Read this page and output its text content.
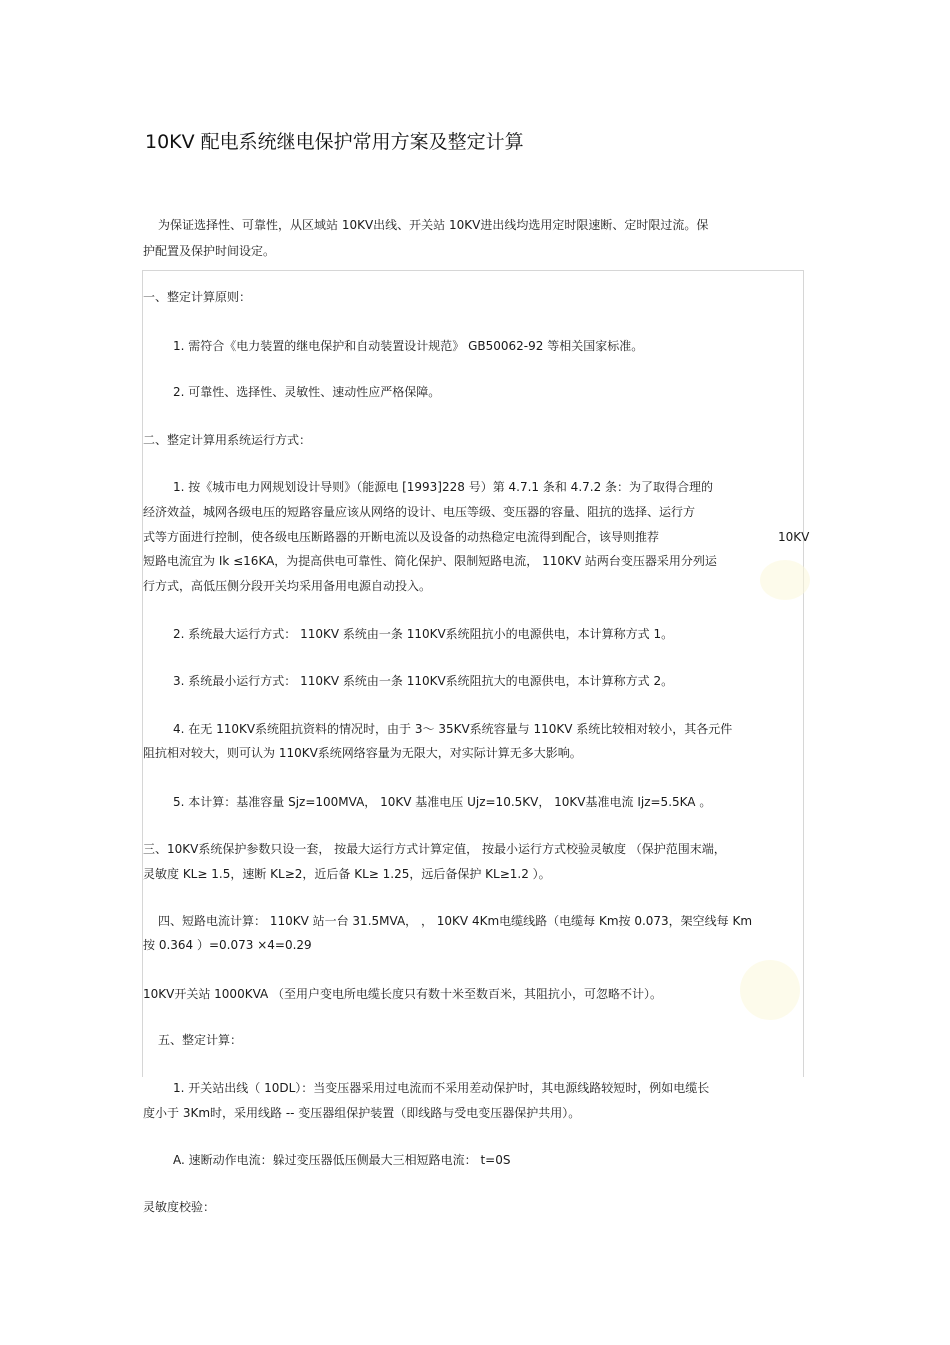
10KV 配电系统继电保护常用方案及整定计算
为保证选择性、可靠性，从区域站 10KV出线、开关站 10KV进出线均选用定时限速断、定时限过流。保
护配置及保护时间设定。
一、整定计算原则：
1. 需符合《电力装置的继电保护和自动装置设计规范》 GB50062-92 等相关国家标准。
2. 可靠性、选择性、灵敏性、速动性应严格保障。
二、整定计算用系统运行方式：
1. 按《城市电力网规划设计导则》（能源电 [1993]228 号）第 4.7.1 条和 4.7.2 条：为了取得合理的
经济效益，城网各级电压的短路容量应该从网络的设计、电压等级、变压器的容量、阻抗的选择、运行方
式等方面进行控制，使各级电压断路器的开断电流以及设备的动热稳定电流得到配合，该导则推荐	10KV
短路电流宜为 Ik ≤16KA，为提高供电可靠性、简化保护、限制短路电流， 110KV 站两台变压器采用分列运
行方式，高低压侧分段开关均采用备用电源自动投入。
2. 系统最大运行方式： 110KV 系统由一条 110KV系统阻抗小的电源供电，本计算称方式 1。
3. 系统最小运行方式： 110KV 系统由一条 110KV系统阻抗大的电源供电，本计算称方式 2。
4. 在无 110KV系统阻抗资料的情况时，由于 3～ 35KV系统容量与 110KV 系统比较相对较小，其各元件
阻抗相对较大，则可认为 110KV系统网络容量为无限大，对实际计算无多大影响。
5. 本计算：基准容量 Sjz=100MVA， 10KV 基准电压 Ujz=10.5KV， 10KV基准电流 Ijz=5.5KA 。
三、10KV系统保护参数只设一套， 按最大运行方式计算定值， 按最小运行方式校验灵敏度 （保护范围末端，
灵敏度 KL≥ 1.5，速断 KL≥2，近后备 KL≥ 1.25，远后备保护 KL≥1.2 ）。
四、短路电流计算： 110KV 站一台 31.5MVA， ， 10KV 4Km电缆线路（电缆每 Km按 0.073，架空线每 Km
按 0.364 ）=0.073 ×4=0.29
10KV开关站 1000KVA （至用户变电所电缆长度只有数十米至数百米，其阻抗小，可忽略不计）。
五、整定计算：
1. 开关站出线（ 10DL）：当变压器采用过电流而不采用差动保护时，其电源线路较短时，例如电缆长
度小于 3Km时，采用线路 -- 变压器组保护装置（即线路与受电变压器保护共用）。
A. 速断动作电流：躲过变压器低压侧最大三相短路电流： t=0S
灵敏度校验：
